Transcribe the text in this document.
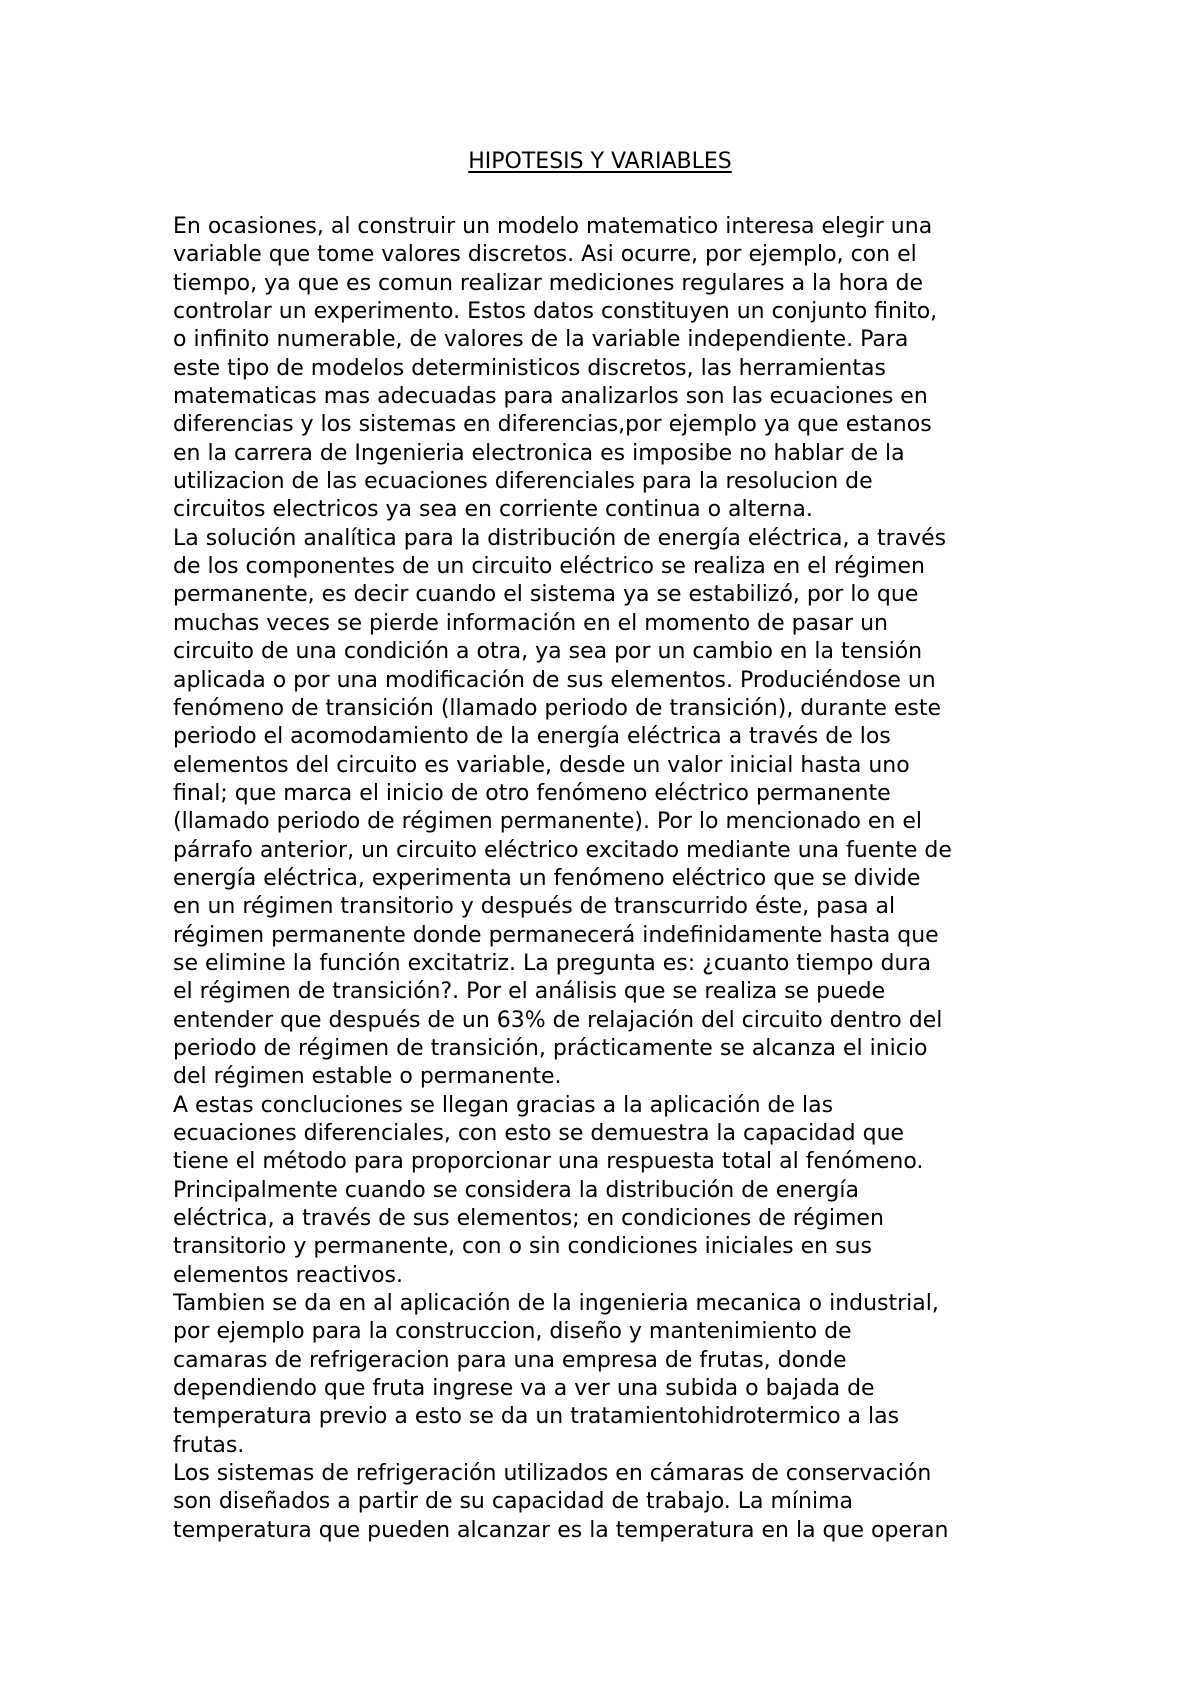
HIPOTESIS Y VARIABLES
En ocasiones, al construir un modelo matematico interesa elegir una
variable que tome valores discretos. Asi ocurre, por ejemplo, con el
tiempo, ya que es comun realizar mediciones regulares a la hora de
controlar un experimento. Estos datos constituyen un conjunto finito,
o infinito numerable, de valores de la variable independiente. Para
este tipo de modelos deterministicos discretos, las herramientas
matematicas mas adecuadas para analizarlos son las ecuaciones en
diferencias y los sistemas en diferencias,por ejemplo ya que estanos
en la carrera de Ingenieria electronica es imposibe no hablar de la
utilizacion de las ecuaciones diferenciales para la resolucion de
circuitos electricos ya sea en corriente continua o alterna.
La solución analítica para la distribución de energía eléctrica, a través
de los componentes de un circuito eléctrico se realiza en el régimen
permanente, es decir cuando el sistema ya se estabilizó, por lo que
muchas veces se pierde información en el momento de pasar un
circuito de una condición a otra, ya sea por un cambio en la tensión
aplicada o por una modificación de sus elementos. Produciéndose un
fenómeno de transición (llamado periodo de transición), durante este
periodo el acomodamiento de la energía eléctrica a través de los
elementos del circuito es variable, desde un valor inicial hasta uno
final; que marca el inicio de otro fenómeno eléctrico permanente
(llamado periodo de régimen permanente). Por lo mencionado en el
párrafo anterior, un circuito eléctrico excitado mediante una fuente de
energía eléctrica, experimenta un fenómeno eléctrico que se divide
en un régimen transitorio y después de transcurrido éste, pasa al
régimen permanente donde permanecerá indefinidamente hasta que
se elimine la función excitatriz. La pregunta es: ¿cuanto tiempo dura
el régimen de transición?. Por el análisis que se realiza se puede
entender que después de un 63% de relajación del circuito dentro del
periodo de régimen de transición, prácticamente se alcanza el inicio
del régimen estable o permanente.
A estas concluciones se llegan gracias a la aplicación de las
ecuaciones diferenciales, con esto se demuestra la capacidad que
tiene el método para proporcionar una respuesta total al fenómeno.
Principalmente cuando se considera la distribución de energía
eléctrica, a través de sus elementos; en condiciones de régimen
transitorio y permanente, con o sin condiciones iniciales en sus
elementos reactivos.
Tambien se da en al aplicación de la ingenieria mecanica o industrial,
por ejemplo para la construccion, diseño y mantenimiento de
camaras de refrigeracion para una empresa de frutas, donde
dependiendo que fruta ingrese va a ver una subida o bajada de
temperatura previo a esto se da un tratamientohidrotermico a las
frutas.
Los sistemas de refrigeración utilizados en cámaras de conservación
son diseñados a partir de su capacidad de trabajo. La mínima
temperatura que pueden alcanzar es la temperatura en la que operan
